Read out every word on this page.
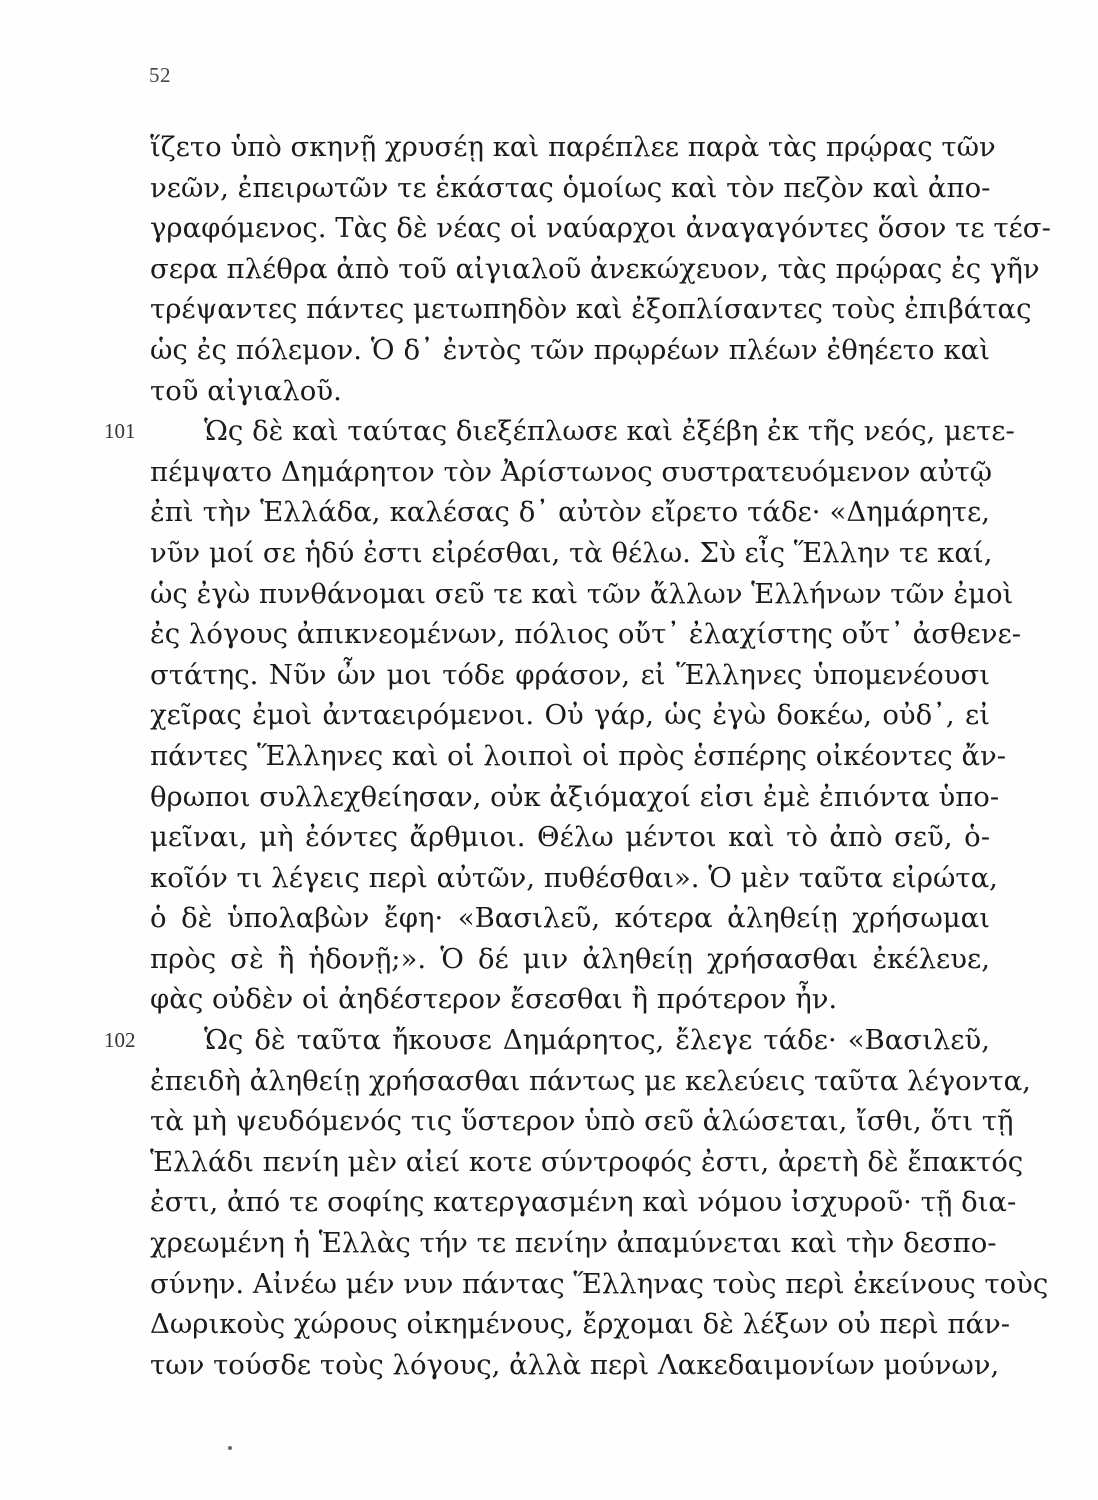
52
ἵζετο ὑπὸ σκηνῇ χρυσέῃ καὶ παρέπλεε παρὰ τὰς πρῴρας τῶν
νεῶν, ἐπειρωτῶν τε ἑκάστας ὁμοίως καὶ τὸν πεζὸν καὶ ἀπο-
γραφόμενος. Τὰς δὲ νέας οἱ ναύαρχοι ἀναγαγόντες ὅσον τε τέσ-
σερα πλέθρα ἀπὸ τοῦ αἰγιαλοῦ ἀνεκώχευον, τὰς πρῴρας ἐς γῆν
τρέψαντες πάντες μετωπηδὸν καὶ ἐξοπλίσαντες τοὺς ἐπιβάτας
ὡς ἐς πόλεμον. Ὁ δ᾽ ἐντὸς τῶν πρῳρέων πλέων ἐθηέετο καὶ
τοῦ αἰγιαλοῦ.
101 Ὡς δὲ καὶ ταύτας διεξέπλωσε καὶ ἐξέβη ἐκ τῆς νεός, μετε-
πέμψατο Δημάρητον τὸν Ἀρίστωνος συστρατευόμενον αὐτῷ
ἐπὶ τὴν Ἑλλάδα, καλέσας δ᾽ αὐτὸν εἴρετο τάδε· «Δημάρητε,
νῦν μοί σε ἡδύ ἐστι εἰρέσθαι, τὰ θέλω. Σὺ εἶς Ἕλλην τε καί,
ὡς ἐγὼ πυνθάνομαι σεῦ τε καὶ τῶν ἄλλων Ἑλλήνων τῶν ἐμοὶ
ἐς λόγους ἀπικνεομένων, πόλιος οὔτ᾽ ἐλαχίστης οὔτ᾽ ἀσθενε-
στάτης. Νῦν ὦν μοι τόδε φράσον, εἰ Ἕλληνες ὑπομενέουσι
χεῖρας ἐμοὶ ἀνταειρόμενοι. Οὐ γάρ, ὡς ἐγὼ δοκέω, οὐδ᾽, εἰ
πάντες Ἕλληνες καὶ οἱ λοιποὶ οἱ πρὸς ἑσπέρης οἰκέοντες ἄν-
θρωποι συλλεχθείησαν, οὐκ ἀξιόμαχοί εἰσι ἐμὲ ἐπιόντα ὑπο-
μεῖναι, μὴ ἐόντες ἄρθμιοι. Θέλω μέντοι καὶ τὸ ἀπὸ σεῦ, ὁ-
κοῖόν τι λέγεις περὶ αὐτῶν, πυθέσθαι». Ὁ μὲν ταῦτα εἰρώτα,
ὁ δὲ ὑπολαβὼν ἔφη· «Βασιλεῦ, κότερα ἀληθείῃ χρήσωμαι
πρὸς σὲ ἢ ἡδονῇ;». Ὁ δέ μιν ἀληθείῃ χρήσασθαι ἐκέλευε,
φὰς οὐδὲν οἱ ἀηδέστερον ἔσεσθαι ἢ πρότερον ἦν.
102 Ὡς δὲ ταῦτα ἤκουσε Δημάρητος, ἔλεγε τάδε· «Βασιλεῦ,
ἐπειδὴ ἀληθείῃ χρήσασθαι πάντως με κελεύεις ταῦτα λέγοντα,
τὰ μὴ ψευδόμενός τις ὕστερον ὑπὸ σεῦ ἁλώσεται, ἴσθι, ὅτι τῇ
Ἑλλάδι πενίη μὲν αἰεί κοτε σύντροφός ἐστι, ἀρετὴ δὲ ἔπακτός
ἐστι, ἀπό τε σοφίης κατεργασμένη καὶ νόμου ἰσχυροῦ· τῇ δια-
χρεωμένη ἡ Ἑλλὰς τήν τε πενίην ἀπαμύνεται καὶ τὴν δεσπο-
σύνην. Αἰνέω μέν νυν πάντας Ἕλληνας τοὺς περὶ ἐκείνους τοὺς
Δωρικοὺς χώρους οἰκημένους, ἔρχομαι δὲ λέξων οὐ περὶ πάν-
των τούσδε τοὺς λόγους, ἀλλὰ περὶ Λακεδαιμονίων μούνων,
